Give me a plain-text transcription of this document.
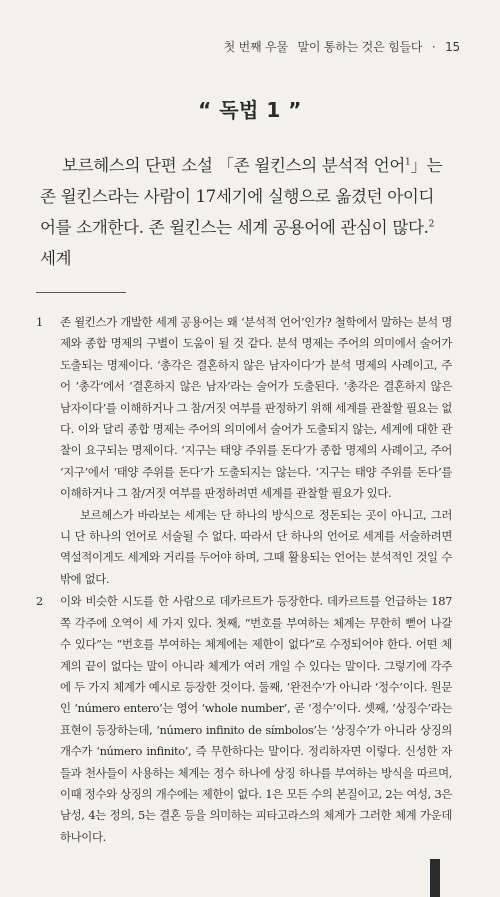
첫 번째 우물 말이 통하는 것은 힘들다 · 15
“ 독법 1 ”

보르헤스의 단편 소설 「존 윌킨스의 분석적 언어$^1$」는 존 윌킨스라는 사람이 17세기에 실행으로 옮겼던 아이디어를 소개한다. 존 윌킨스는 세계 공용어에 관심이 많다.$^2$ 세계

1	존 윌킨스가 개발한 세계 공용어는 왜 ‘분석적 언어’인가? 철학에서 말하는 분석 명제와 종합 명제의 구별이 도움이 될 것 같다. 분석 명제는 주어의 의미에서 술어가 도출되는 명제이다. ‘총각은 결혼하지 않은 남자이다’가 분석 명제의 사례이고, 주어 ‘총각’에서 ‘결혼하지 않은 남자’라는 술어가 도출된다. ‘총각은 결혼하지 않은 남자이다’를 이해하거나 그 참/거짓 여부를 판정하기 위해 세계를 관찰할 필요는 없다. 이와 달리 종합 명제는 주어의 의미에서 술어가 도출되지 않는, 세계에 대한 관찰이 요구되는 명제이다. ‘지구는 태양 주위를 돈다’가 종합 명제의 사례이고, 주어 ‘지구’에서 ‘태양 주위를 돈다’가 도출되지는 않는다. ‘지구는 태양 주위를 돈다’를 이해하거나 그 참/거짓 여부를 판정하려면 세계를 관찰할 필요가 있다.

보르헤스가 바라보는 세계는 단 하나의 방식으로 정돈되는 곳이 아니고, 그러니 단 하나의 언어로 서술될 수 없다. 따라서 단 하나의 언어로 세계를 서술하려면 역설적이게도 세계와 거리를 두어야 하며, 그때 활용되는 언어는 분석적인 것일 수밖에 없다.

2	이와 비슷한 시도를 한 사람으로 데카르트가 등장한다. 데카르트를 언급하는 187쪽 각주에 오역이 세 가지 있다. 첫째, “번호를 부여하는 체계는 무한히 뻗어 나갈 수 있다”는 “번호를 부여하는 체계에는 제한이 없다”로 수정되어야 한다. 어떤 체계의 끝이 없다는 말이 아니라 체계가 여러 개일 수 있다는 말이다. 그렇기에 각주에 두 가지 체계가 예시로 등장한 것이다. 둘째, ‘완전수’가 아니라 ‘정수’이다. 원문인 ‘número entero’는 영어 ‘whole number’, 곧 ‘정수’이다. 셋째, ‘상징수’라는 표현이 등장하는데, ‘número infinito de símbolos’는 ‘상징수’가 아니라 상징의 개수가 ‘número infinito’, 즉 무한하다는 말이다. 정리하자면 이렇다. 신성한 자들과 천사들이 사용하는 체계는 정수 하나에 상징 하나를 부여하는 방식을 따르며, 이때 정수와 상징의 개수에는 제한이 없다. 1은 모든 수의 본질이고, 2는 여성, 3은 남성, 4는 정의, 5는 결혼 등을 의미하는 피타고라스의 체계가 그러한 체계 가운데 하나이다.
